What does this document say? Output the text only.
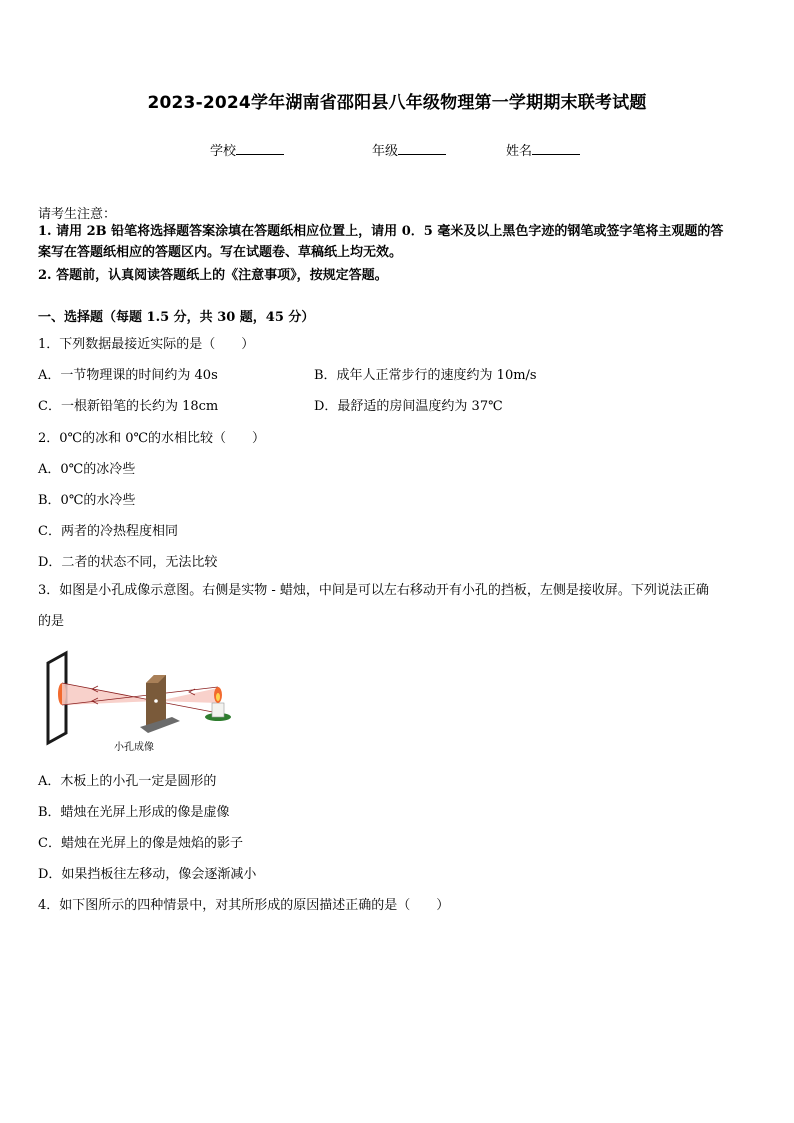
2023-2024学年湖南省邵阳县八年级物理第一学期期末联考试题
学校	年级	姓名
请考生注意：
1. 请用 2B 铅笔将选择题答案涂填在答题纸相应位置上，请用 0．5 毫米及以上黑色字迹的钢笔或签字笔将主观题的答
案写在答题纸相应的答题区内。写在试题卷、草稿纸上均无效。
2. 答题前，认真阅读答题纸上的《注意事项》，按规定答题。
一、选择题（每题 1.5 分，共 30 题，45 分）
1．下列数据最接近实际的是（　　）
A．一节物理课的时间约为 40s	B．成年人正常步行的速度约为 10m/s
C．一根新铅笔的长约为 18cm	D．最舒适的房间温度约为 37℃
2．0℃的冰和 0℃的水相比较（　　）
A．0℃的冰冷些
B．0℃的水冷些
C．两者的冷热程度相同
D．二者的状态不同，无法比较
3．如图是小孔成像示意图。右侧是实物 - 蜡烛，中间是可以左右移动开有小孔的挡板，左侧是接收屏。下列说法正确
的是
小孔成像
A．木板上的小孔一定是圆形的
B．蜡烛在光屏上形成的像是虚像
C．蜡烛在光屏上的像是烛焰的影子
D．如果挡板往左移动，像会逐渐减小
4．如下图所示的四种情景中，对其所形成的原因描述正确的是（　　）
